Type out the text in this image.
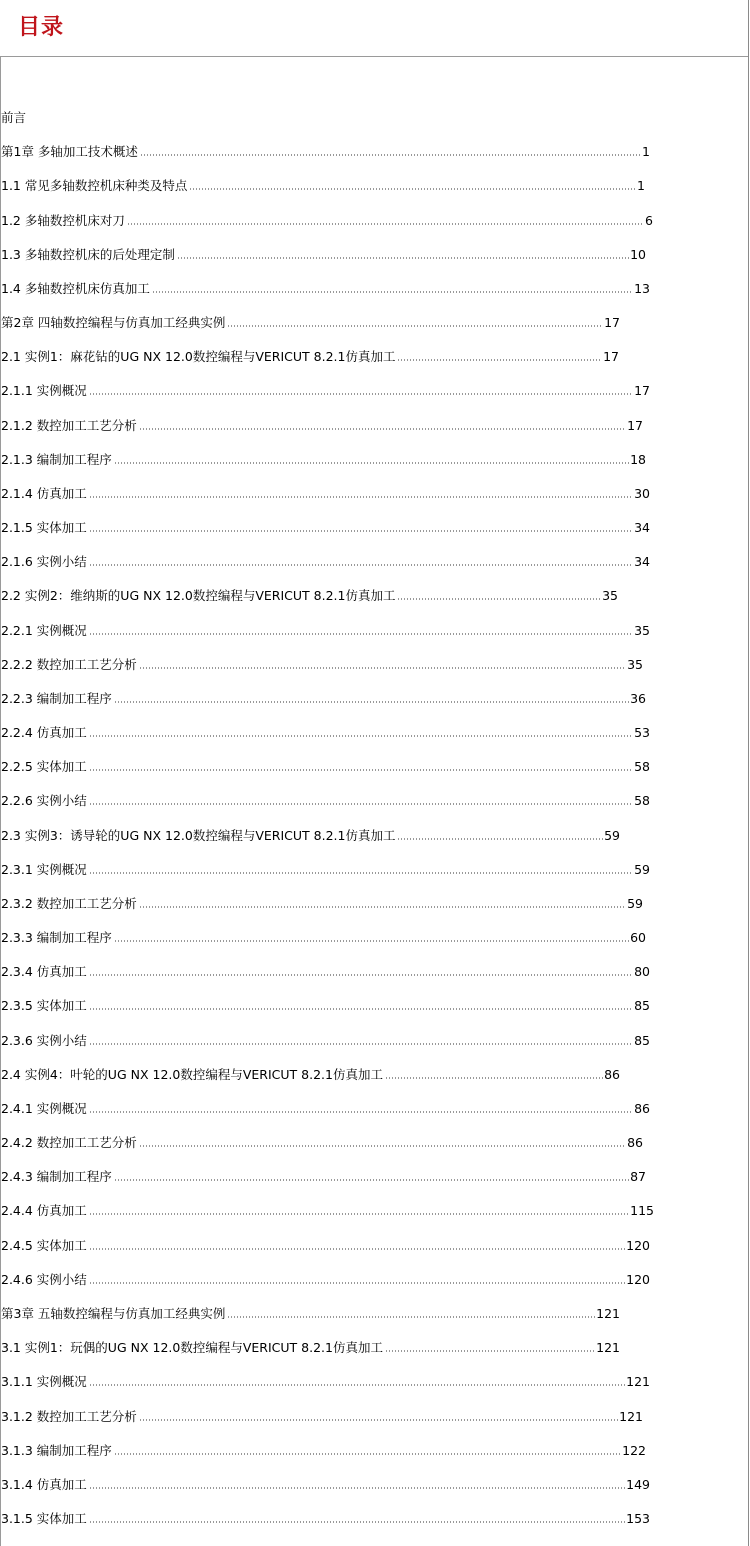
目录
前言
第1章 多轴加工技术概述	1
1.1 常见多轴数控机床种类及特点	1
1.2 多轴数控机床对刀	6
1.3 多轴数控机床的后处理定制	10
1.4 多轴数控机床仿真加工	13
第2章 四轴数控编程与仿真加工经典实例	17
2.1 实例1：麻花钻的UG NX 12.0数控编程与VERICUT 8.2.1仿真加工	17
2.1.1 实例概况	17
2.1.2 数控加工工艺分析	17
2.1.3 编制加工程序	18
2.1.4 仿真加工	30
2.1.5 实体加工	34
2.1.6 实例小结	34
2.2 实例2：维纳斯的UG NX 12.0数控编程与VERICUT 8.2.1仿真加工	35
2.2.1 实例概况	35
2.2.2 数控加工工艺分析	35
2.2.3 编制加工程序	36
2.2.4 仿真加工	53
2.2.5 实体加工	58
2.2.6 实例小结	58
2.3 实例3：诱导轮的UG NX 12.0数控编程与VERICUT 8.2.1仿真加工	59
2.3.1 实例概况	59
2.3.2 数控加工工艺分析	59
2.3.3 编制加工程序	60
2.3.4 仿真加工	80
2.3.5 实体加工	85
2.3.6 实例小结	85
2.4 实例4：叶轮的UG NX 12.0数控编程与VERICUT 8.2.1仿真加工	86
2.4.1 实例概况	86
2.4.2 数控加工工艺分析	86
2.4.3 编制加工程序	87
2.4.4 仿真加工	115
2.4.5 实体加工	120
2.4.6 实例小结	120
第3章 五轴数控编程与仿真加工经典实例	121
3.1 实例1：玩偶的UG NX 12.0数控编程与VERICUT 8.2.1仿真加工	121
3.1.1 实例概况	121
3.1.2 数控加工工艺分析	121
3.1.3 编制加工程序	122
3.1.4 仿真加工	149
3.1.5 实体加工	153
